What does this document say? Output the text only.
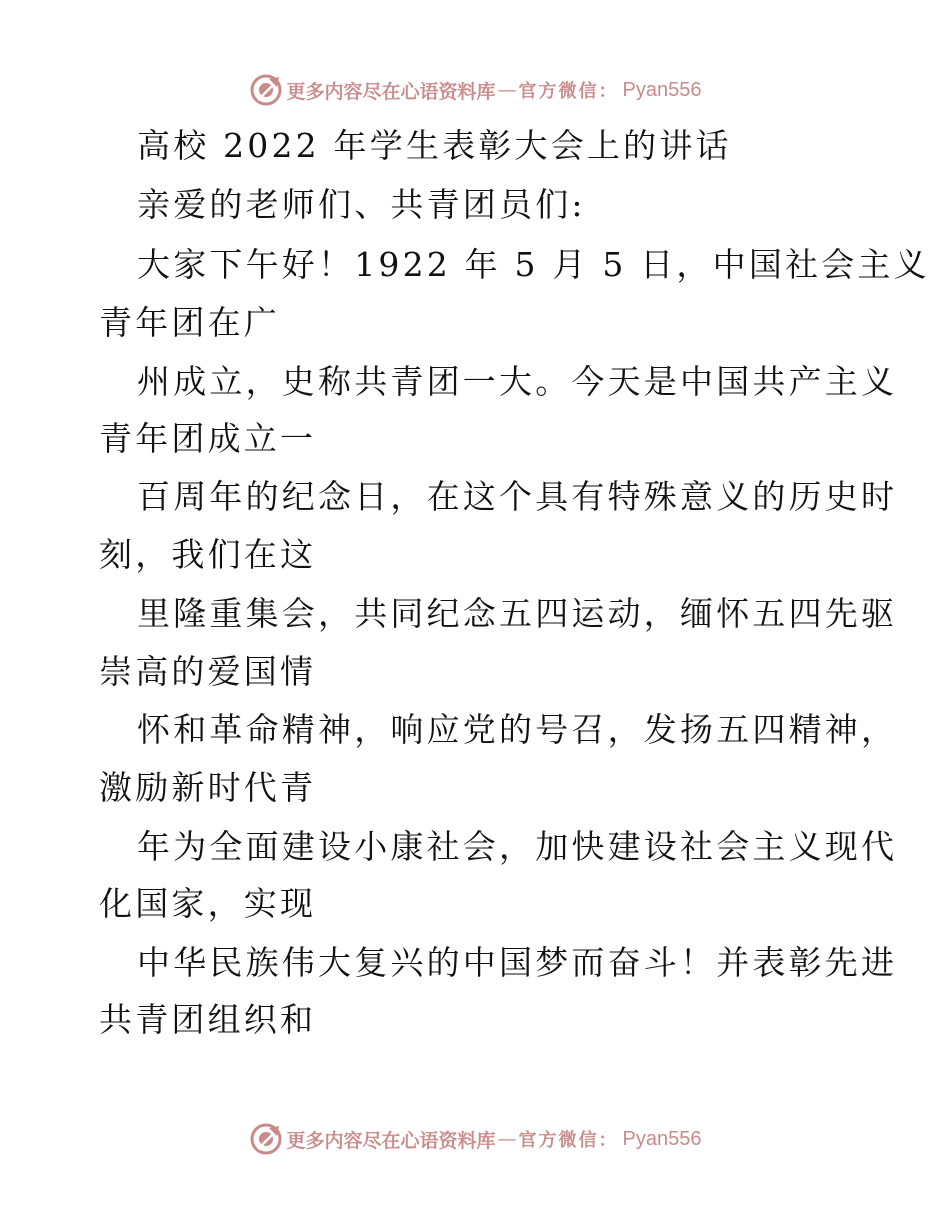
更多内容尽在心语资料库 — 官方微信： Pyan556

高校 2022 年学生表彰大会上的讲话

亲爱的老师们、共青团员们:

大家下午好！1922 年 5 月 5 日，中国社会主义

青年团在广

州成立，史称共青团一大。今天是中国共产主义

青年团成立一

百周年的纪念日，在这个具有特殊意义的历史时

刻，我们在这

里隆重集会，共同纪念五四运动，缅怀五四先驱

崇高的爱国情

怀和革命精神，响应党的号召，发扬五四精神，

激励新时代青

年为全面建设小康社会，加快建设社会主义现代

化国家，实现

中华民族伟大复兴的中国梦而奋斗！并表彰先进

共青团组织和

更多内容尽在心语资料库 — 官方微信： Pyan556
